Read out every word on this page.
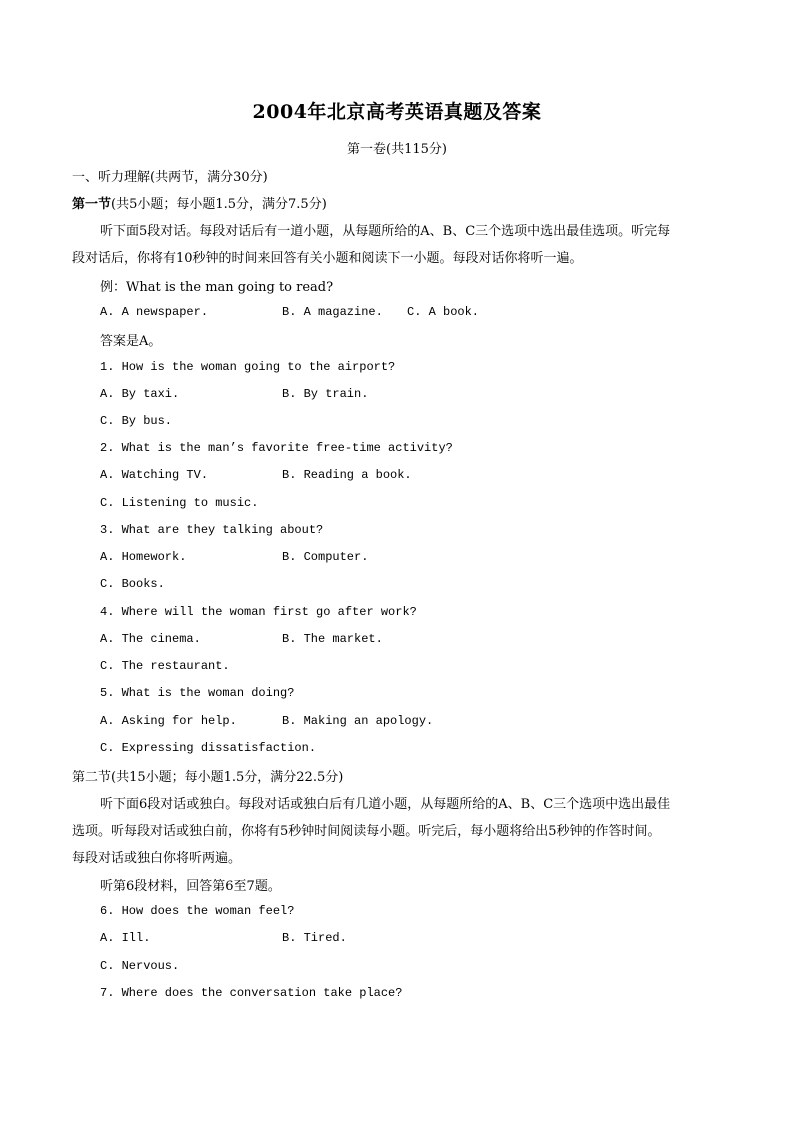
2004年北京高考英语真题及答案
第一卷(共115分)
一、听力理解(共两节，满分30分)
第一节(共5小题；每小题1.5分，满分7.5分)
听下面5段对话。每段对话后有一道小题，从每题所给的A、B、C三个选项中选出最佳选项。听完每
段对话后，你将有10秒钟的时间来回答有关小题和阅读下一小题。每段对话你将听一遍。
例：What is the man going to read?
A. A newspaper.	B. A magazine. C. A book.
答案是A。
1. How is the woman going to the airport?
A. By taxi.	B. By train.
C. By bus.
2. What is the man’s favorite free-time activity?
A. Watching TV.	B. Reading a book.
C. Listening to music.
3. What are they talking about?
A. Homework.	B. Computer.
C. Books.
4. Where will the woman first go after work?
A. The cinema.	B. The market.
C. The restaurant.
5. What is the woman doing?
A. Asking for help.	B. Making an apology.
C. Expressing dissatisfaction.
第二节(共15小题；每小题1.5分，满分22.5分)
听下面6段对话或独白。每段对话或独白后有几道小题，从每题所给的A、B、C三个选项中选出最佳
选项。听每段对话或独白前，你将有5秒钟时间阅读每小题。听完后，每小题将给出5秒钟的作答时间。
每段对话或独白你将听两遍。
听第6段材料，回答第6至7题。
6. How does the woman feel?
A. Ill.	B. Tired.
C. Nervous.
7. Where does the conversation take place?
